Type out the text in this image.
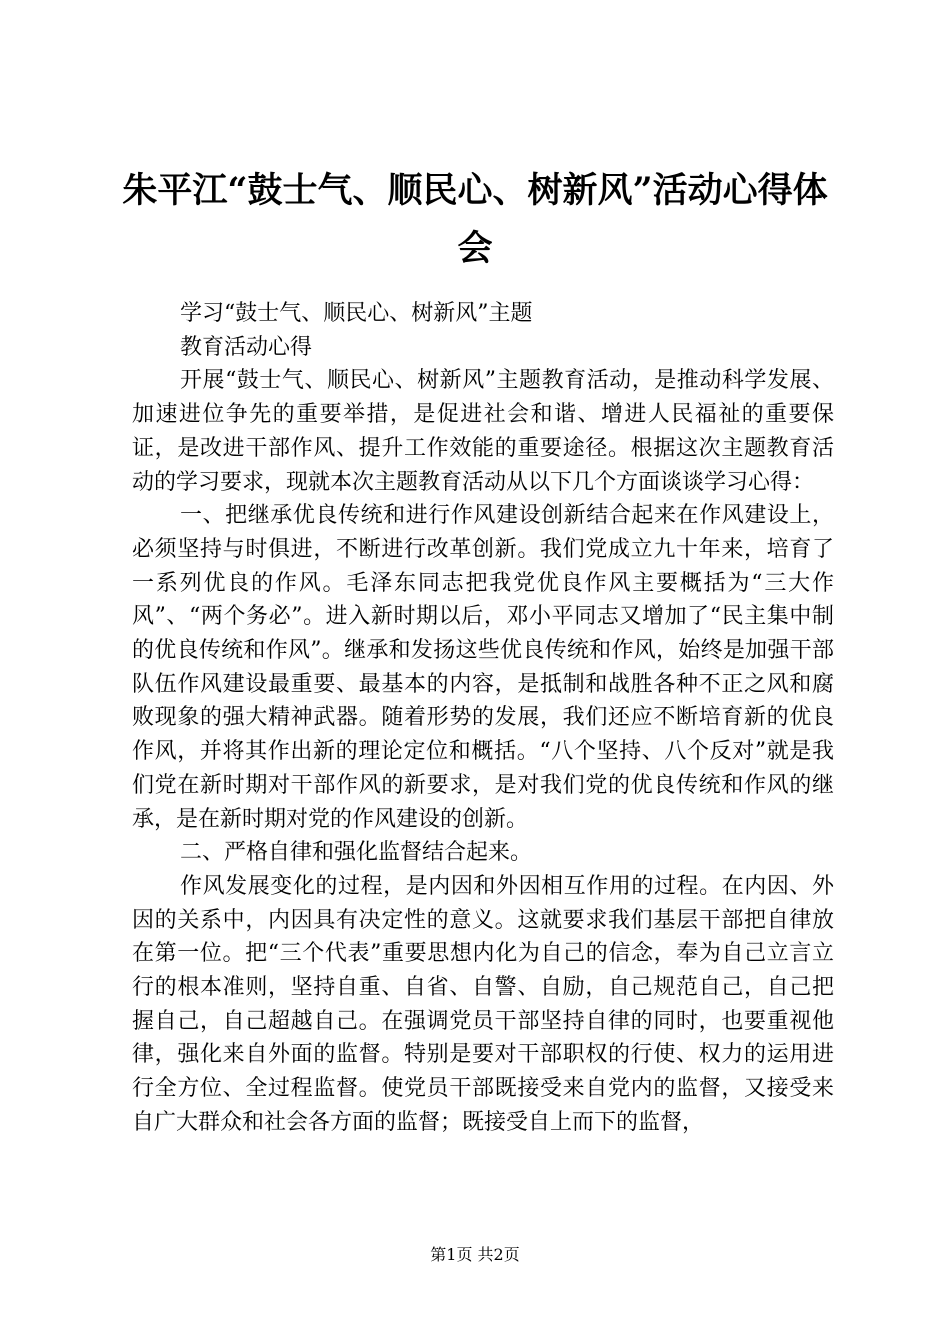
朱平江“鼓士气、顺民心、树新风”活动心得体会

学习“鼓士气、顺民心、树新风”主题

教育活动心得

开展“鼓士气、顺民心、树新风”主题教育活动，是推动科学发展、加速进位争先的重要举措，是促进社会和谐、增进人民福祉的重要保证，是改进干部作风、提升工作效能的重要途径。根据这次主题教育活动的学习要求，现就本次主题教育活动从以下几个方面谈谈学习心得：

一、把继承优良传统和进行作风建设创新结合起来在作风建设上，必须坚持与时俱进，不断进行改革创新。我们党成立九十年来，培育了一系列优良的作风。毛泽东同志把我党优良作风主要概括为“三大作风”、“两个务必”。进入新时期以后，邓小平同志又增加了“民主集中制的优良传统和作风”。继承和发扬这些优良传统和作风，始终是加强干部队伍作风建设最重要、最基本的内容，是抵制和战胜各种不正之风和腐败现象的强大精神武器。随着形势的发展，我们还应不断培育新的优良作风，并将其作出新的理论定位和概括。“八个坚持、八个反对”就是我们党在新时期对干部作风的新要求，是对我们党的优良传统和作风的继承，是在新时期对党的作风建设的创新。

二、严格自律和强化监督结合起来。

作风发展变化的过程，是内因和外因相互作用的过程。在内因、外因的关系中，内因具有决定性的意义。这就要求我们基层干部把自律放在第一位。把“三个代表”重要思想内化为自己的信念，奉为自己立言立行的根本准则，坚持自重、自省、自警、自励，自己规范自己，自己把握自己，自己超越自己。在强调党员干部坚持自律的同时，也要重视他律，强化来自外面的监督。特别是要对干部职权的行使、权力的运用进行全方位、全过程监督。使党员干部既接受来自党内的监督，又接受来自广大群众和社会各方面的监督；既接受自上而下的监督，

第1页 共2页
